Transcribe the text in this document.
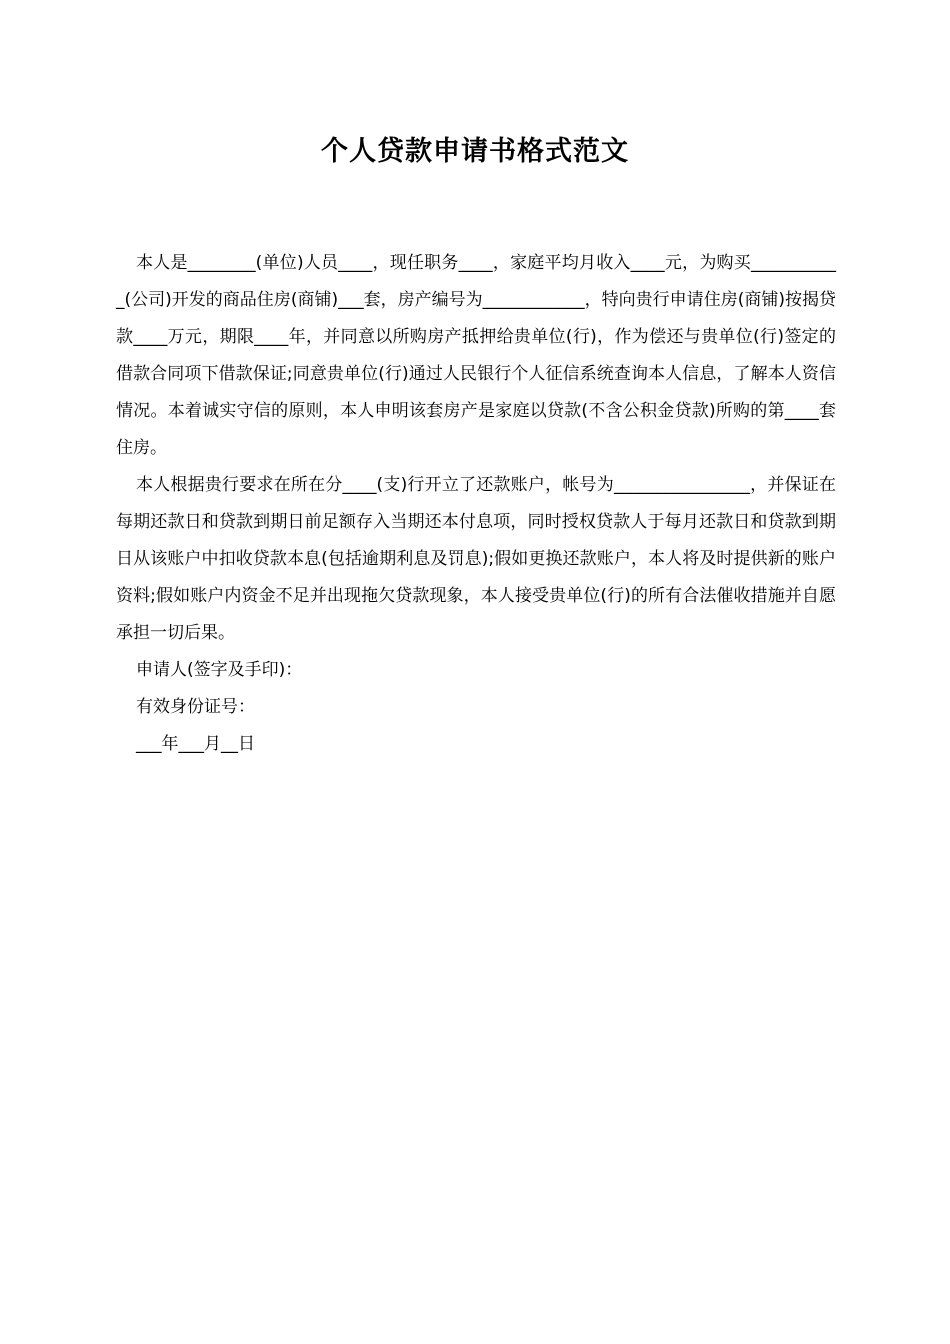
个人贷款申请书格式范文

本人是________(单位)人员____，现任职务____，家庭平均月收入____元，为购买___________(公司)开发的商品住房(商铺)___套，房产编号为____________，特向贵行申请住房(商铺)按揭贷款____万元，期限____年，并同意以所购房产抵押给贵单位(行)，作为偿还与贵单位(行)签定的借款合同项下借款保证;同意贵单位(行)通过人民银行个人征信系统查询本人信息，了解本人资信情况。本着诚实守信的原则，本人申明该套房产是家庭以贷款(不含公积金贷款)所购的第____套住房。

本人根据贵行要求在所在分____(支)行开立了还款账户，帐号为________________，并保证在每期还款日和贷款到期日前足额存入当期还本付息项，同时授权贷款人于每月还款日和贷款到期日从该账户中扣收贷款本息(包括逾期利息及罚息);假如更换还款账户，本人将及时提供新的账户资料;假如账户内资金不足并出现拖欠贷款现象，本人接受贵单位(行)的所有合法催收措施并自愿承担一切后果。

申请人(签字及手印)：

有效身份证号：

___年___月__日
